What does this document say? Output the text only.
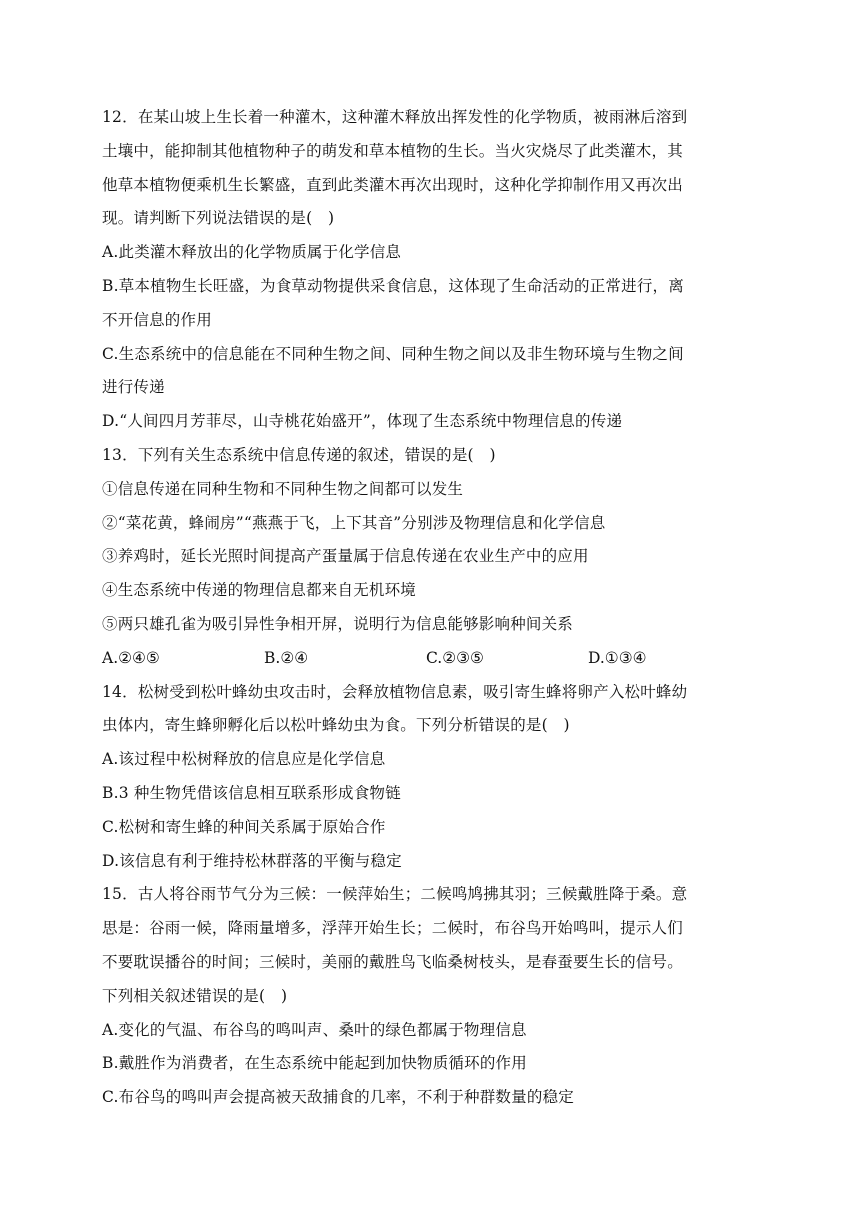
12．在某山坡上生长着一种灌木，这种灌木释放出挥发性的化学物质，被雨淋后溶到
土壤中，能抑制其他植物种子的萌发和草本植物的生长。当火灾烧尽了此类灌木，其
他草本植物便乘机生长繁盛，直到此类灌木再次出现时，这种化学抑制作用又再次出
现。请判断下列说法错误的是(　)
A.此类灌木释放出的化学物质属于化学信息
B.草本植物生长旺盛，为食草动物提供采食信息，这体现了生命活动的正常进行，离
不开信息的作用
C.生态系统中的信息能在不同种生物之间、同种生物之间以及非生物环境与生物之间
进行传递
D.“人间四月芳菲尽，山寺桃花始盛开”，体现了生态系统中物理信息的传递
13．下列有关生态系统中信息传递的叙述，错误的是(　)
①信息传递在同种生物和不同种生物之间都可以发生
②“菜花黄，蜂闹房”“燕燕于飞，上下其音”分别涉及物理信息和化学信息
③养鸡时，延长光照时间提高产蛋量属于信息传递在农业生产中的应用
④生态系统中传递的物理信息都来自无机环境
⑤两只雄孔雀为吸引异性争相开屏，说明行为信息能够影响种间关系
A.②④⑤	B.②④	C.②③⑤	D.①③④
14．松树受到松叶蜂幼虫攻击时，会释放植物信息素，吸引寄生蜂将卵产入松叶蜂幼
虫体内，寄生蜂卵孵化后以松叶蜂幼虫为食。下列分析错误的是(　)
A.该过程中松树释放的信息应是化学信息
B.3 种生物凭借该信息相互联系形成食物链
C.松树和寄生蜂的种间关系属于原始合作
D.该信息有利于维持松林群落的平衡与稳定
15．古人将谷雨节气分为三候：一候萍始生；二候鸣鸠拂其羽；三候戴胜降于桑。意
思是：谷雨一候，降雨量增多，浮萍开始生长；二候时，布谷鸟开始鸣叫，提示人们
不要耽误播谷的时间；三候时，美丽的戴胜鸟飞临桑树枝头，是春蚕要生长的信号。
下列相关叙述错误的是(　)
A.变化的气温、布谷鸟的鸣叫声、桑叶的绿色都属于物理信息
B.戴胜作为消费者，在生态系统中能起到加快物质循环的作用
C.布谷鸟的鸣叫声会提高被天敌捕食的几率，不利于种群数量的稳定
